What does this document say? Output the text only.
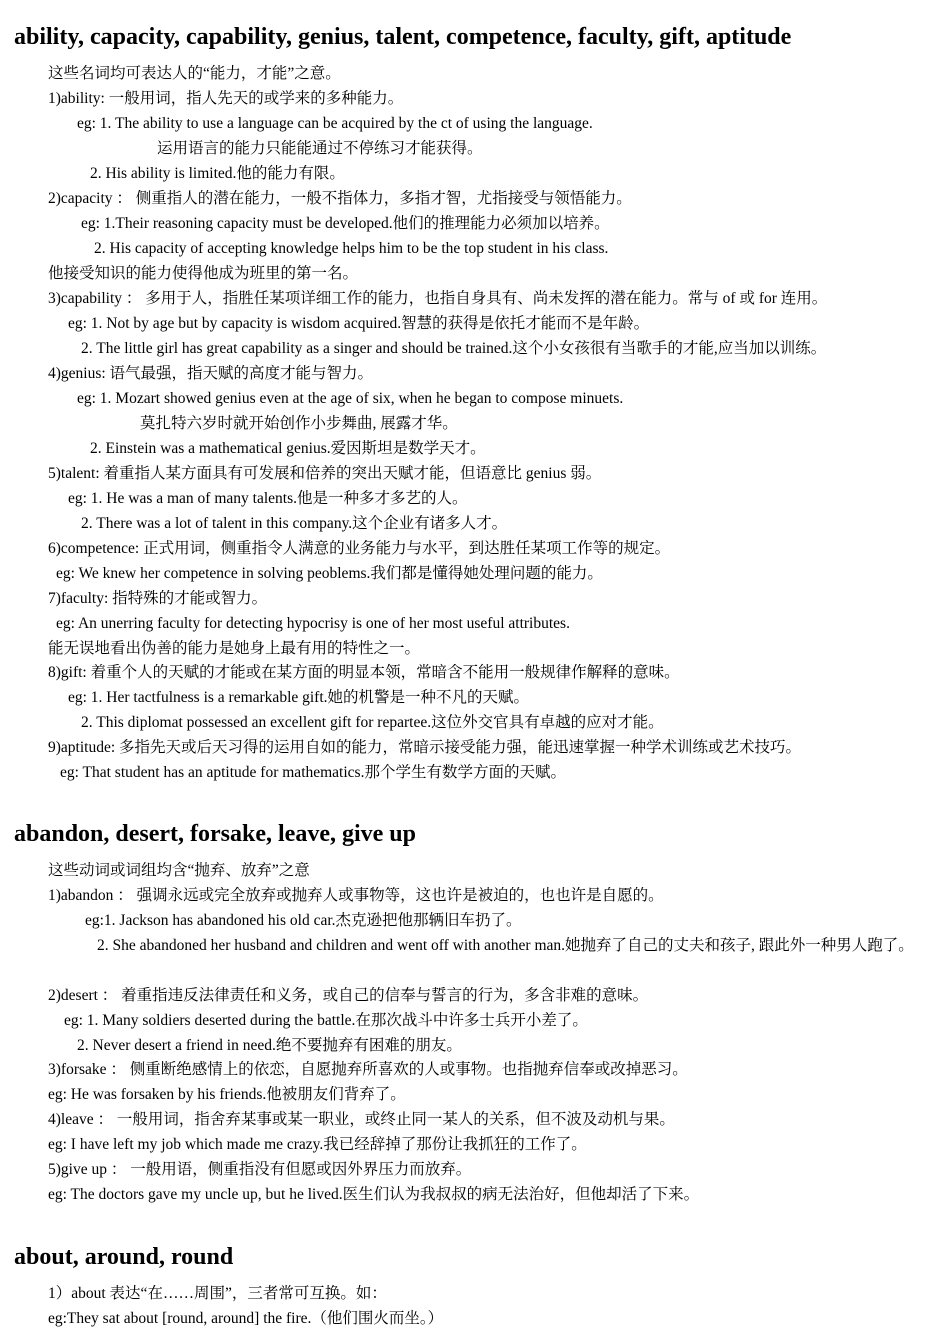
ability, capacity, capability, genius, talent, competence, faculty, gift, aptitude
这些名词均可表达人的“能力，才能”之意。
1)ability: 一般用词，指人先天的或学来的多种能力。
eg: 1. The ability to use a language can be acquired by the ct of using the language.
运用语言的能力只能能通过不停练习才能获得。
2. His ability is limited.他的能力有限。
2)capacity ： 侧重指人的潜在能力，一般不指体力，多指才智，尤指接受与领悟能力。
eg: 1.Their reasoning capacity must be developed.他们的推理能力必须加以培养。
2. His capacity of accepting knowledge helps him to be the top student in his class.
他接受知识的能力使得他成为班里的第一名。
3)capability ： 多用于人，指胜任某项详细工作的能力，也指自身具有、尚未发挥的潜在能力。常与 of 或 for 连用。
eg: 1. Not by age but by capacity is wisdom acquired.智慧的获得是依托才能而不是年龄。
2. The little girl has great capability as a singer and should be trained.这个小女孩很有当歌手的才能,应当加以训练。
4)genius: 语气最强，指天赋的高度才能与智力。
eg: 1. Mozart showed genius even at the age of six, when he began to compose minuets.
莫扎特六岁时就开始创作小步舞曲, 展露才华。
2. Einstein was a mathematical genius.爱因斯坦是数学天才。
5)talent: 着重指人某方面具有可发展和倍养的突出天赋才能，但语意比 genius 弱。
eg: 1. He was a man of many talents.他是一种多才多艺的人。
2. There was a lot of talent in this company.这个企业有诸多人才。
6)competence: 正式用词，侧重指令人满意的业务能力与水平，到达胜任某项工作等的规定。
eg: We knew her competence in solving peoblems.我们都是懂得她处理问题的能力。
7)faculty: 指特殊的才能或智力。
eg: An unerring faculty for detecting hypocrisy is one of her most useful attributes.
能无误地看出伪善的能力是她身上最有用的特性之一。
8)gift: 着重个人的天赋的才能或在某方面的明显本领，常暗含不能用一般规律作解释的意味。
eg: 1. Her tactfulness is a remarkable gift.她的机警是一种不凡的天赋。
2. This diplomat possessed an excellent gift for repartee.这位外交官具有卓越的应对才能。
9)aptitude: 多指先天或后天习得的运用自如的能力，常暗示接受能力强，能迅速掌握一种学术训练或艺术技巧。
eg: That student has an aptitude for mathematics.那个学生有数学方面的天赋。
abandon, desert, forsake, leave, give up
这些动词或词组均含“抛弃、放弃”之意
1)abandon ： 强调永远或完全放弃或抛弃人或事物等，这也许是被迫的，也也许是自愿的。
eg:1. Jackson has abandoned his old car.杰克逊把他那辆旧车扔了。
2. She abandoned her husband and children and went off with another man.她抛弃了自己的丈夫和孩子, 跟此外一种男人跑了。
2)desert ： 着重指违反法律责任和义务，或自己的信奉与誓言的行为，多含非难的意味。
eg: 1. Many soldiers deserted during the battle.在那次战斗中许多士兵开小差了。
2. Never desert a friend in need.绝不要抛弃有困难的朋友。
3)forsake ： 侧重断绝感情上的依恋，自愿抛弃所喜欢的人或事物。也指抛弃信奉或改掉恶习。
eg: He was forsaken by his friends.他被朋友们背弃了。
4)leave ： 一般用词，指舍弃某事或某一职业，或终止同一某人的关系，但不波及动机与果。
eg: I have left my job which made me crazy.我已经辞掉了那份让我抓狂的工作了。
5)give up ： 一般用语，侧重指没有但愿或因外界压力而放弃。
eg: The doctors gave my uncle up, but he lived.医生们认为我叔叔的病无法治好，但他却活了下来。
about, around, round
1）about 表达“在……周围”，三者常可互换。如：
eg:They sat about [round, around] the fire.（他们围火而坐。）
